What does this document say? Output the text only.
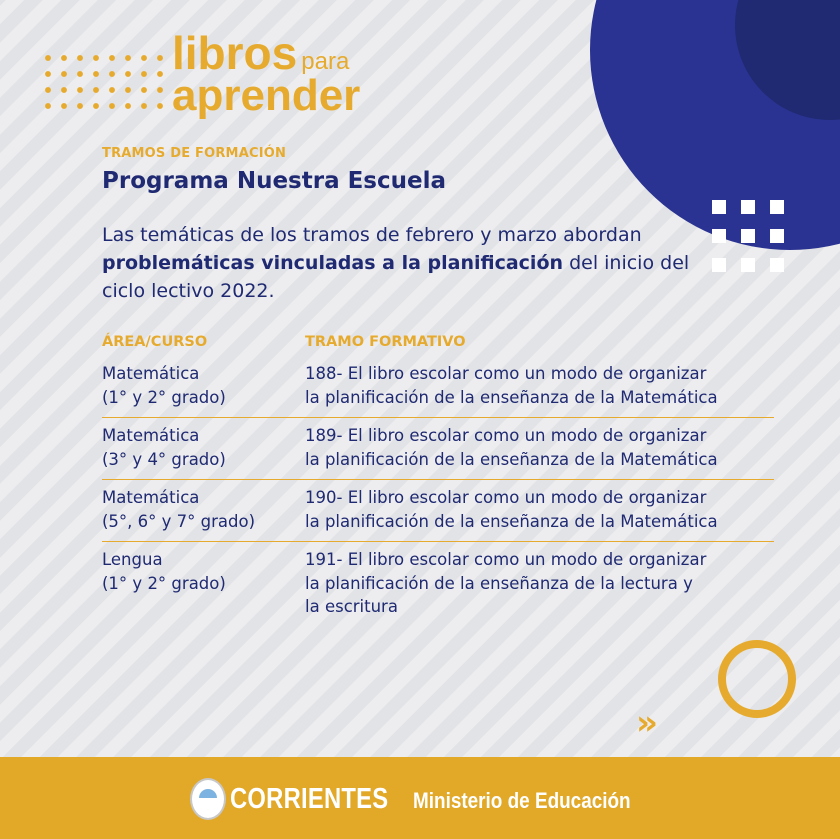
››
libros para
aprender
TRAMOS DE FORMACIÓN
Programa Nuestra Escuela

Las temáticas de los tramos de febrero y marzo abordan problemáticas vinculadas a la planificación del inicio del ciclo lectivo 2022.

ÁREA/CURSO	TRAMO FORMATIVO
Matemática
(1° y 2° grado)
188- El libro escolar como un modo de organizar
la planificación de la enseñanza de la Matemática
Matemática
(3° y 4° grado)
189- El libro escolar como un modo de organizar
la planificación de la enseñanza de la Matemática
Matemática
(5°, 6° y 7° grado)
190- El libro escolar como un modo de organizar
la planificación de la enseñanza de la Matemática
Lengua
(1° y 2° grado)
191- El libro escolar como un modo de organizar
la planificación de la enseñanza de la lectura y
la escritura
CORRIENTES Ministerio de Educación
